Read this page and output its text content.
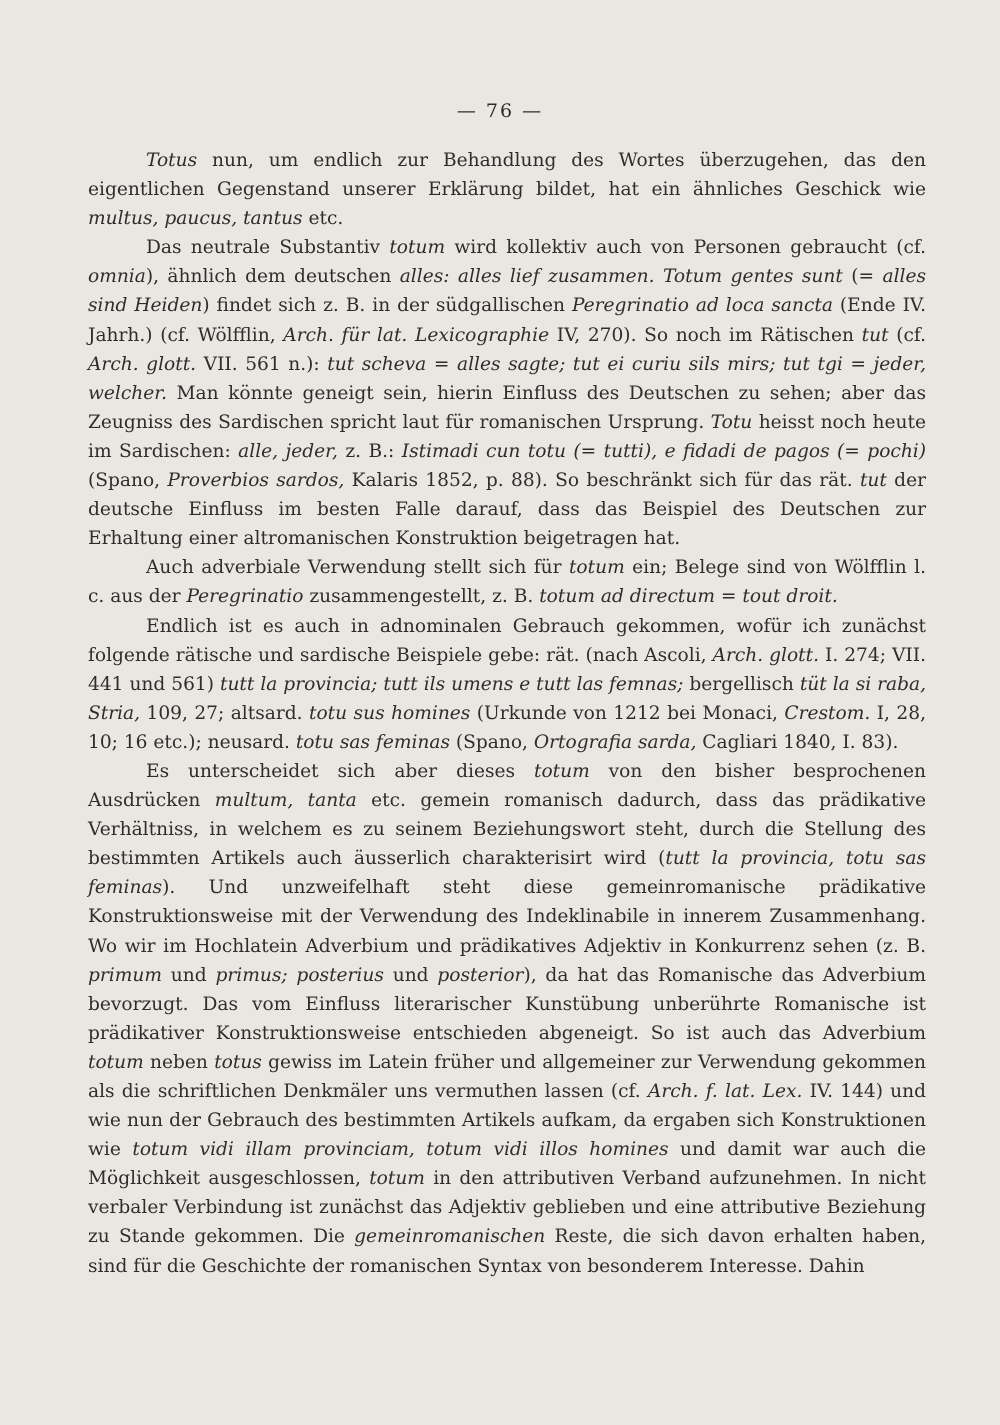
— 76 —

Totus nun, um endlich zur Behandlung des Wortes überzugehen, das den eigentlichen Gegenstand unserer Erklärung bildet, hat ein ähnliches Geschick wie multus, paucus, tantus etc.

Das neutrale Substantiv totum wird kollektiv auch von Personen gebraucht (cf. omnia), ähnlich dem deutschen alles: alles lief zusammen. Totum gentes sunt (= alles sind Heiden) findet sich z. B. in der südgallischen Peregrinatio ad loca sancta (Ende IV. Jahrh.) (cf. Wölfflin, Arch. für lat. Lexicographie IV, 270). So noch im Rätischen tut (cf. Arch. glott. VII. 561 n.): tut scheva = alles sagte; tut ei curiu sils mirs; tut tgi = jeder, welcher. Man könnte geneigt sein, hierin Einfluss des Deutschen zu sehen; aber das Zeugniss des Sardischen spricht laut für romanischen Ursprung. Totu heisst noch heute im Sardischen: alle, jeder, z. B.: Istimadi cun totu (= tutti), e fidadi de pagos (= pochi) (Spano, Proverbios sardos, Kalaris 1852, p. 88). So beschränkt sich für das rät. tut der deutsche Einfluss im besten Falle darauf, dass das Beispiel des Deutschen zur Erhaltung einer altromanischen Konstruktion beigetragen hat.

Auch adverbiale Verwendung stellt sich für totum ein; Belege sind von Wölfflin l. c. aus der Peregrinatio zusammengestellt, z. B. totum ad directum = tout droit.

Endlich ist es auch in adnominalen Gebrauch gekommen, wofür ich zunächst folgende rätische und sardische Beispiele gebe: rät. (nach Ascoli, Arch. glott. I. 274; VII. 441 und 561) tutt la provincia; tutt ils umens e tutt las femnas; bergellisch tüt la si raba, Stria, 109, 27; altsard. totu sus homines (Urkunde von 1212 bei Monaci, Crestom. I, 28, 10; 16 etc.); neusard. totu sas feminas (Spano, Ortografia sarda, Cagliari 1840, I. 83).

Es unterscheidet sich aber dieses totum von den bisher besprochenen Ausdrücken multum, tanta etc. gemein romanisch dadurch, dass das prädikative Verhältniss, in welchem es zu seinem Beziehungswort steht, durch die Stellung des bestimmten Artikels auch äusserlich charakterisirt wird (tutt la provincia, totu sas feminas). Und unzweifelhaft steht diese gemeinromanische prädikative Konstruktionsweise mit der Verwendung des Indeklinabile in innerem Zusammenhang. Wo wir im Hochlatein Adverbium und prädikatives Adjektiv in Konkurrenz sehen (z. B. primum und primus; posterius und posterior), da hat das Romanische das Adverbium bevorzugt. Das vom Einfluss literarischer Kunstübung unberührte Romanische ist prädikativer Konstruktionsweise entschieden abgeneigt. So ist auch das Adverbium totum neben totus gewiss im Latein früher und allgemeiner zur Verwendung gekommen als die schriftlichen Denkmäler uns vermuthen lassen (cf. Arch. f. lat. Lex. IV. 144) und wie nun der Gebrauch des bestimmten Artikels aufkam, da ergaben sich Konstruktionen wie totum vidi illam provinciam, totum vidi illos homines und damit war auch die Möglichkeit ausgeschlossen, totum in den attributiven Verband aufzunehmen. In nicht verbaler Verbindung ist zunächst das Adjektiv geblieben und eine attributive Beziehung zu Stande gekommen. Die gemeinromanischen Reste, die sich davon erhalten haben, sind für die Geschichte der romanischen Syntax von besonderem Interesse. Dahin
